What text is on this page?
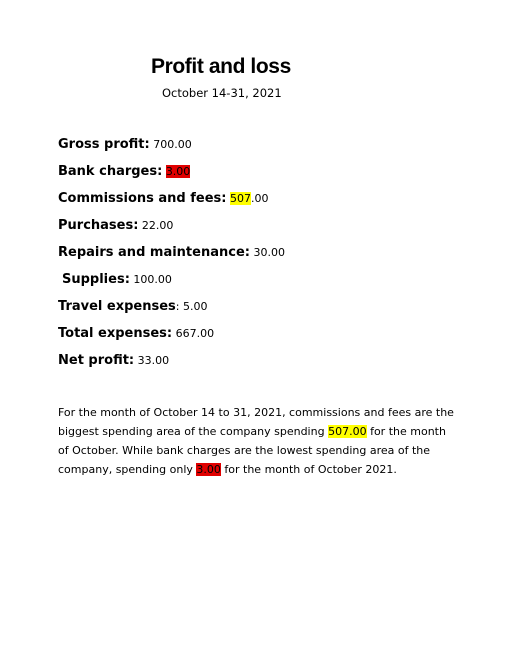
Profit and loss
October 14-31, 2021
Gross profit: 700.00
Bank charges: 3.00
Commissions and fees: 507.00
Purchases: 22.00
Repairs and maintenance: 30.00
Supplies: 100.00
Travel expenses: 5.00
Total expenses: 667.00
Net profit: 33.00
For the month of October 14 to 31, 2021, commissions and fees are the biggest spending area of the company spending 507.00 for the month of October. While bank charges are the lowest spending area of the company, spending only 3.00 for the month of October 2021.
